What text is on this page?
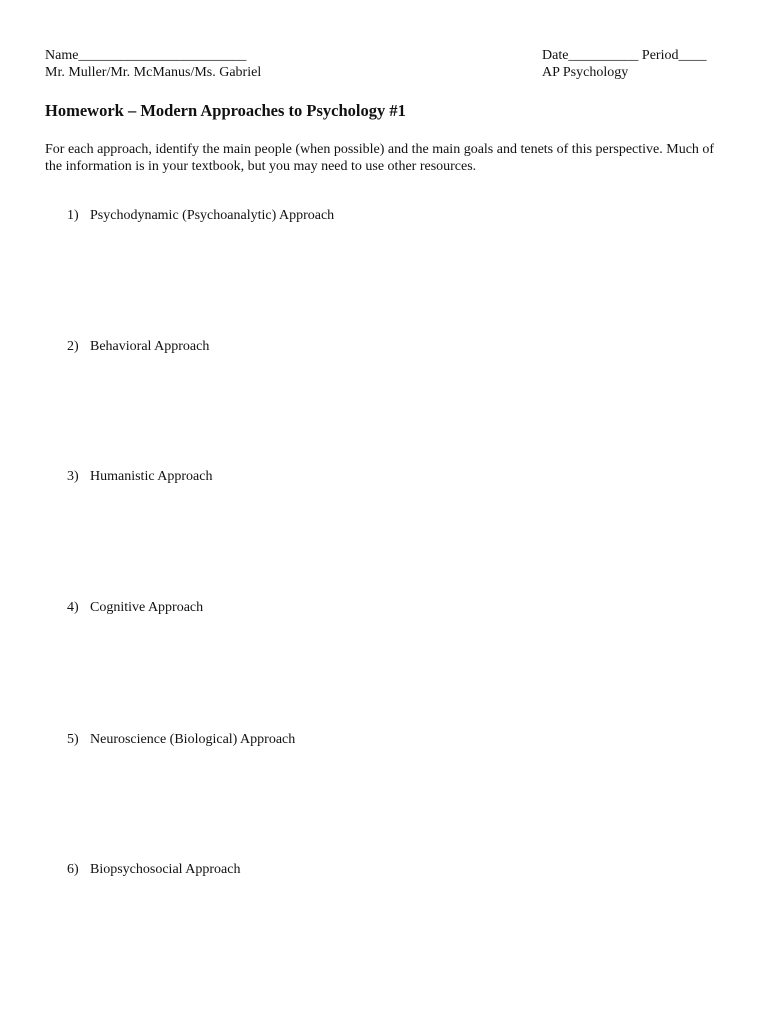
Name________________________
Mr. Muller/Mr. McManus/Ms. Gabriel
Date__________ Period____
AP Psychology
Homework – Modern Approaches to Psychology #1
For each approach, identify the main people (when possible) and the main goals and tenets of this perspective. Much of the information is in your textbook, but you may need to use other resources.
1) Psychodynamic (Psychoanalytic) Approach
2) Behavioral Approach
3) Humanistic Approach
4) Cognitive Approach
5) Neuroscience (Biological) Approach
6) Biopsychosocial Approach
